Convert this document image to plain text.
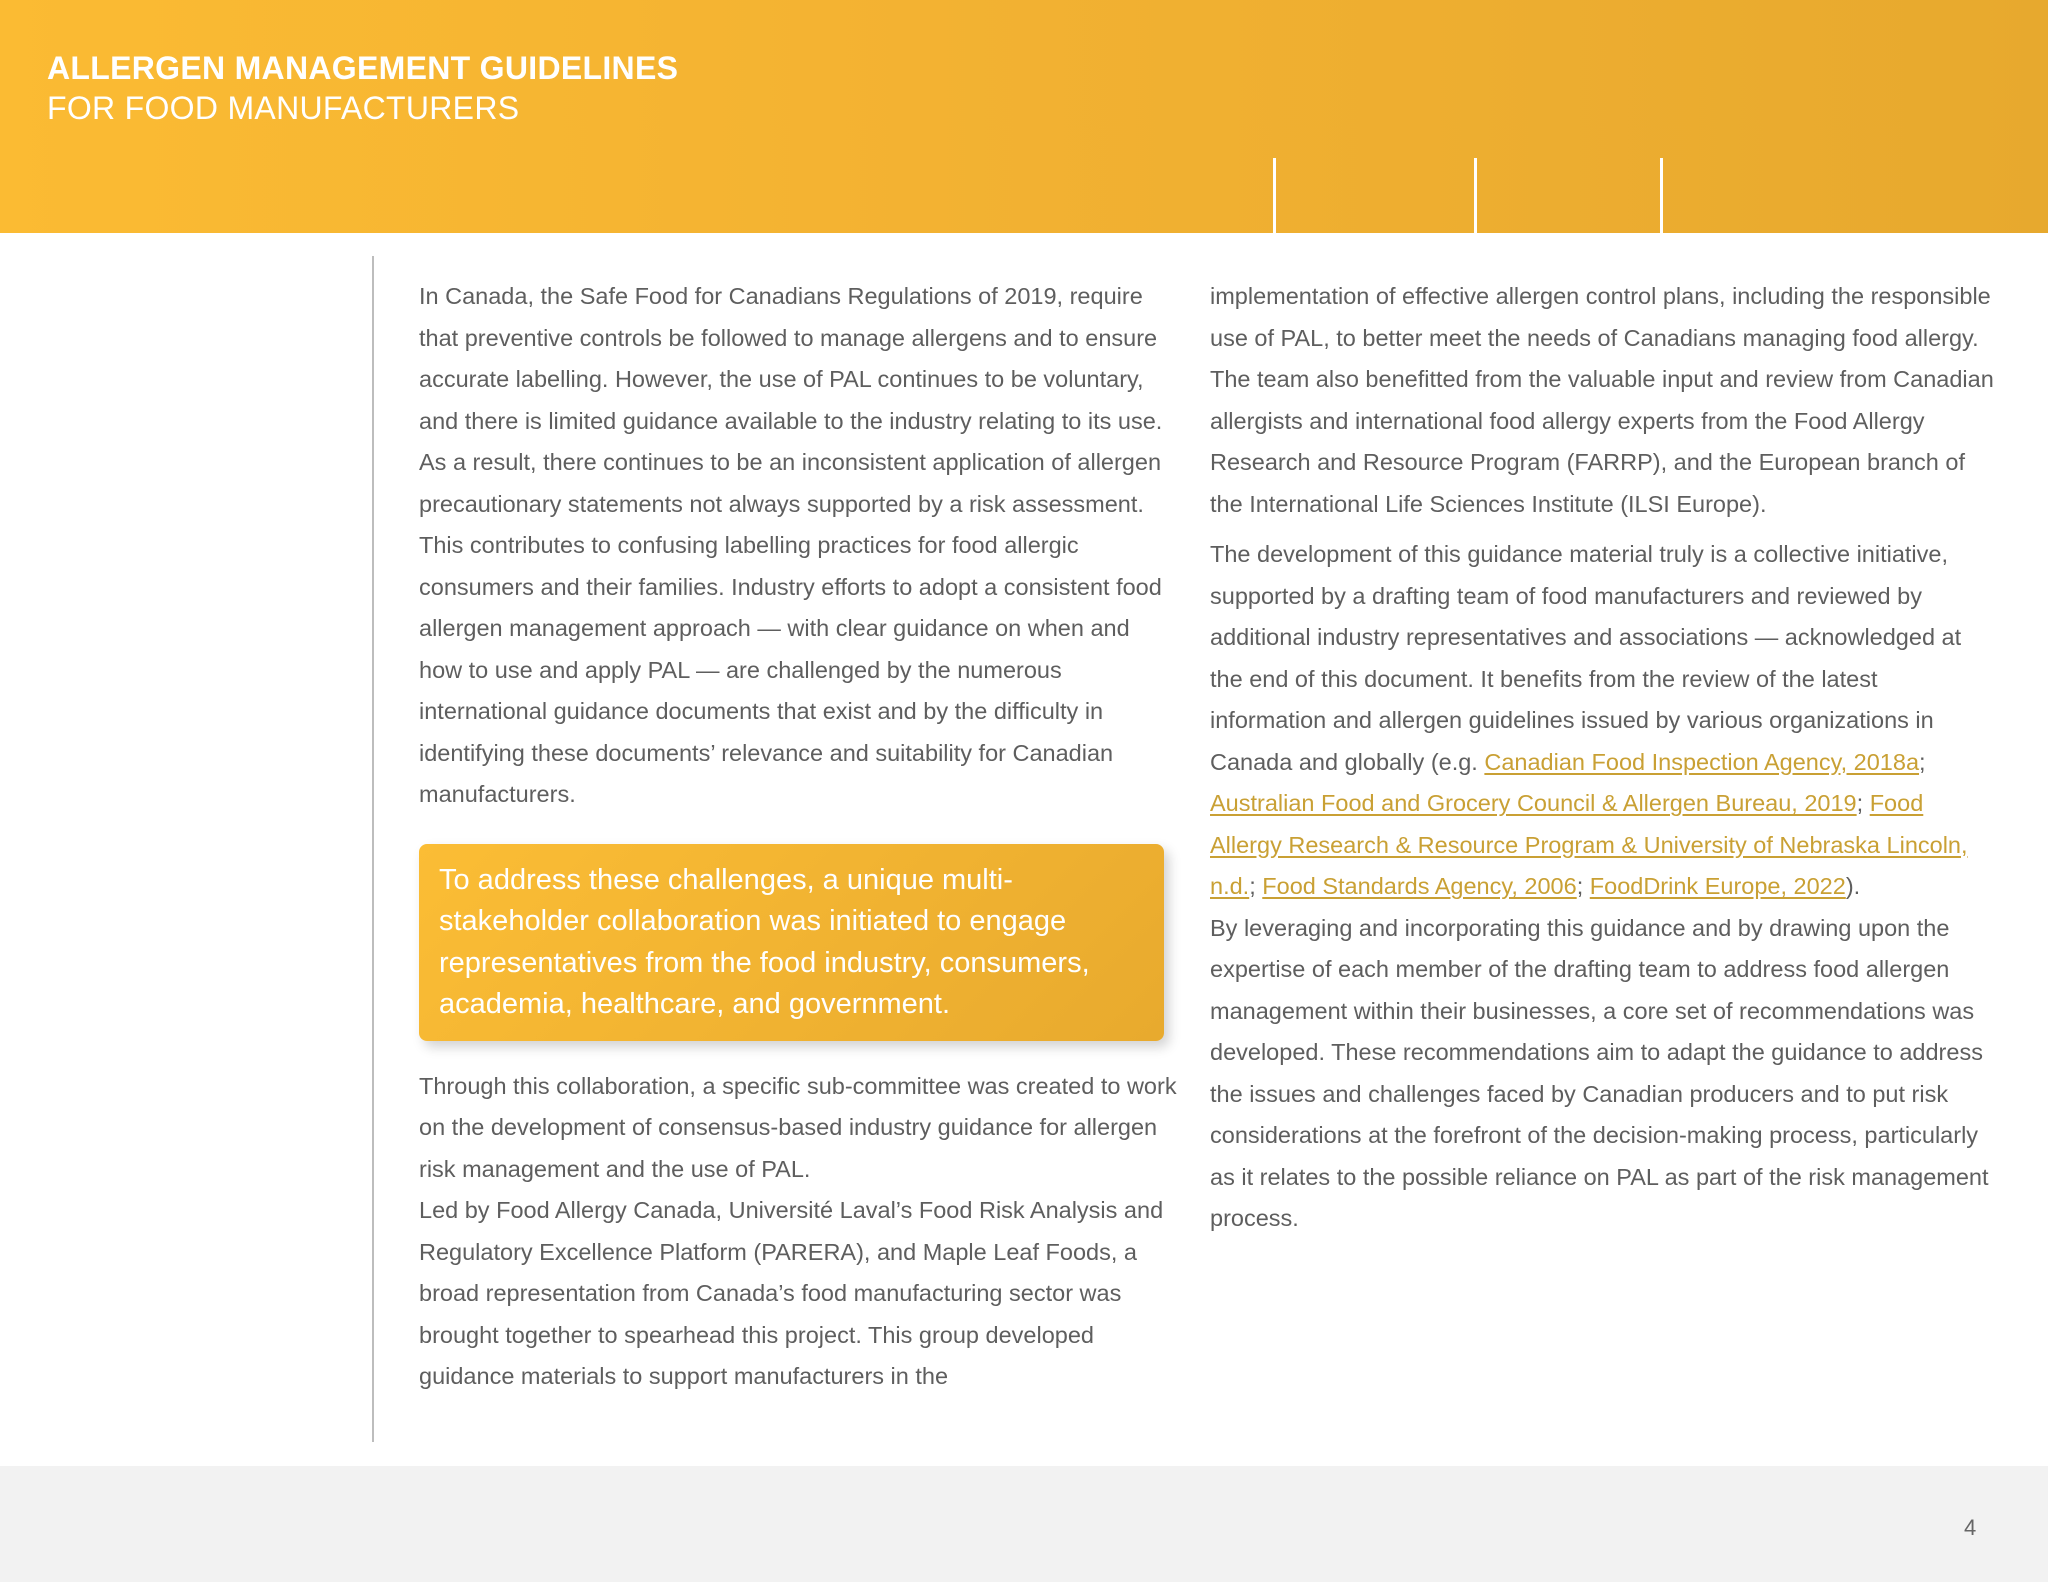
ALLERGEN MANAGEMENT GUIDELINES
FOR FOOD MANUFACTURERS

In Canada, the Safe Food for Canadians Regulations of 2019, require that preventive controls be followed to manage allergens and to ensure accurate labelling. However, the use of PAL continues to be voluntary, and there is limited guidance available to the industry relating to its use. As a result, there continues to be an inconsistent application of allergen precautionary statements not always supported by a risk assessment.

This contributes to confusing labelling practices for food allergic consumers and their families. Industry efforts to adopt a consistent food allergen management approach — with clear guidance on when and how to use and apply PAL — are challenged by the numerous international guidance documents that exist and by the difficulty in identifying these documents’ relevance and suitability for Canadian manufacturers.

To address these challenges, a unique multi-stakeholder collaboration was initiated to engage representatives from the food industry, consumers, academia, healthcare, and government.

Through this collaboration, a specific sub-committee was created to work on the development of consensus-based industry guidance for allergen risk management and the use of PAL.

Led by Food Allergy Canada, Université Laval’s Food Risk Analysis and Regulatory Excellence Platform (PARERA), and Maple Leaf Foods, a broad representation from Canada’s food manufacturing sector was brought together to spearhead this project. This group developed guidance materials to support manufacturers in the

implementation of effective allergen control plans, including the responsible use of PAL, to better meet the needs of Canadians managing food allergy. The team also benefitted from the valuable input and review from Canadian allergists and international food allergy experts from the Food Allergy Research and Resource Program (FARRP), and the European branch of the International Life Sciences Institute (ILSI Europe).

The development of this guidance material truly is a collective initiative, supported by a drafting team of food manufacturers and reviewed by additional industry representatives and associations — acknowledged at the end of this document. It benefits from the review of the latest information and allergen guidelines issued by various organizations in Canada and globally (e.g. Canadian Food Inspection Agency, 2018a; Australian Food and Grocery Council & Allergen Bureau, 2019; Food Allergy Research & Resource Program & University of Nebraska Lincoln, n.d.; Food Standards Agency, 2006; FoodDrink Europe, 2022).

By leveraging and incorporating this guidance and by drawing upon the expertise of each member of the drafting team to address food allergen management within their businesses, a core set of recommendations was developed. These recommendations aim to adapt the guidance to address the issues and challenges faced by Canadian producers and to put risk considerations at the forefront of the decision-making process, particularly as it relates to the possible reliance on PAL as part of the risk management process.

4
